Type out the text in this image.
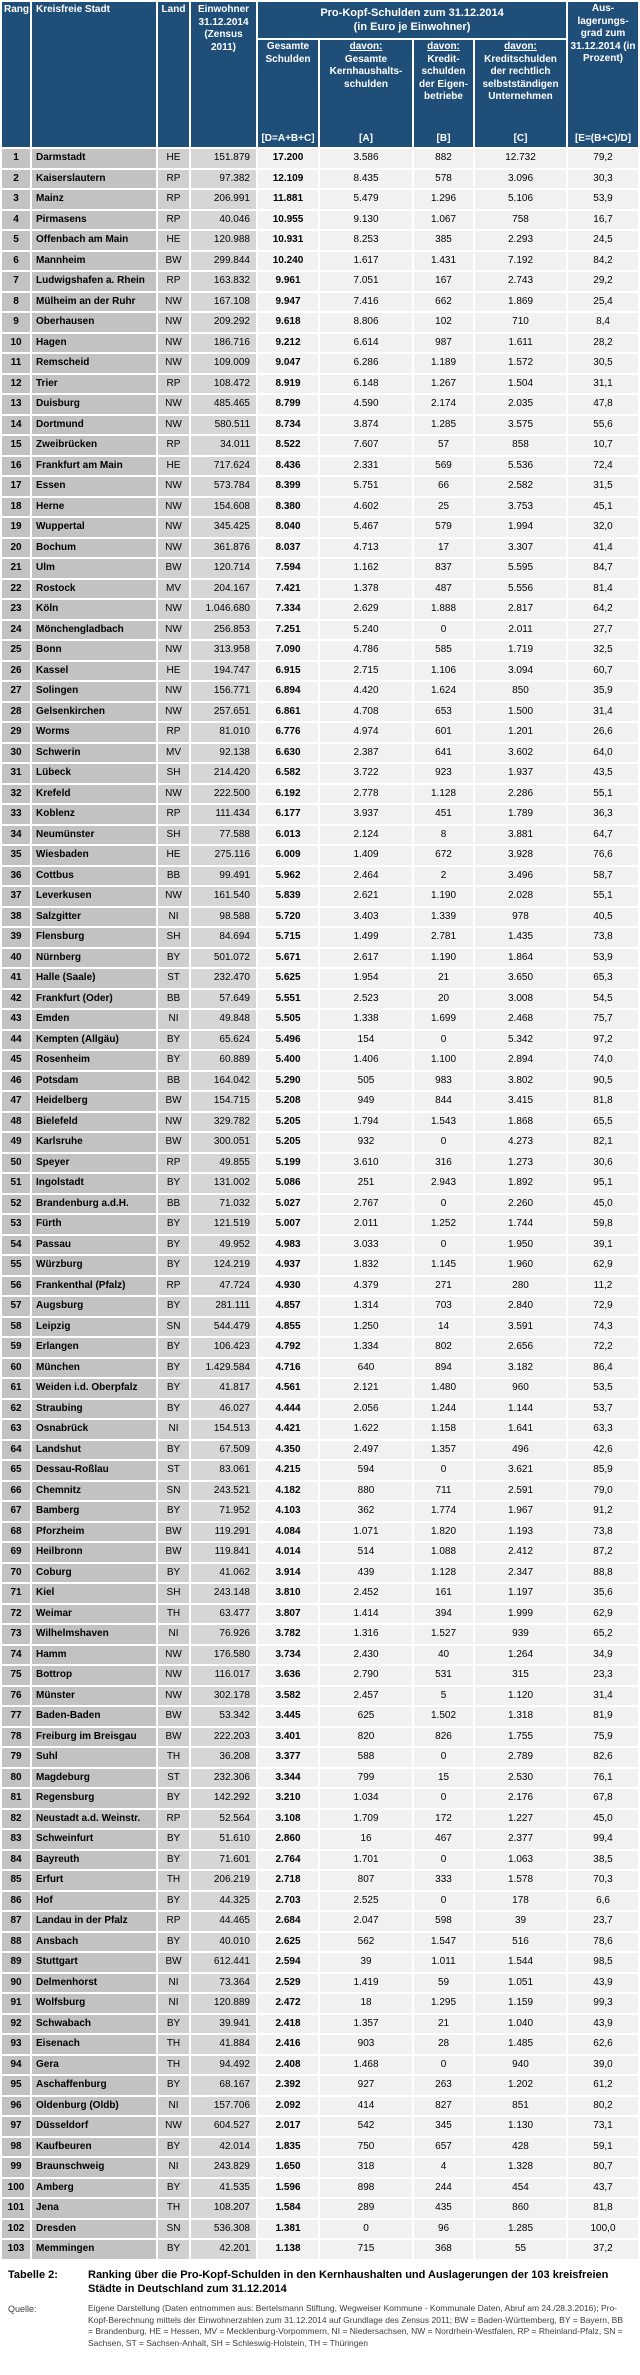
Rang	Kreisfreie Stadt	Land	Einwohner 31.12.2014 (Zensus 2011)	
Pro-Kopf-Schulden zum 31.12.2014
(in Euro je Einwohner)

Aus-lagerungs-grad zum 31.12.2014 (in Prozent)
[E=(B+C)/D]

Gesamte Schulden
[D=A+B+C]

davon:
Gesamte Kernhaushalts-schulden
[A]

davon:
Kredit-schulden der Eigen-betriebe
[B]

davon:
Kreditschulden der rechtlich selbstständigen Unternehmen
[C]

1	Darmstadt	HE	151.879	17.200	3.586	882	12.732	79,2
2	Kaiserslautern	RP	97.382	12.109	8.435	578	3.096	30,3
3	Mainz	RP	206.991	11.881	5.479	1.296	5.106	53,9
4	Pirmasens	RP	40.046	10.955	9.130	1.067	758	16,7
5	Offenbach am Main	HE	120.988	10.931	8.253	385	2.293	24,5
6	Mannheim	BW	299.844	10.240	1.617	1.431	7.192	84,2
7	Ludwigshafen a. Rhein	RP	163.832	9.961	7.051	167	2.743	29,2
8	Mülheim an der Ruhr	NW	167.108	9.947	7.416	662	1.869	25,4
9	Oberhausen	NW	209.292	9.618	8.806	102	710	8,4
10	Hagen	NW	186.716	9.212	6.614	987	1.611	28,2
11	Remscheid	NW	109.009	9.047	6.286	1.189	1.572	30,5
12	Trier	RP	108.472	8.919	6.148	1.267	1.504	31,1
13	Duisburg	NW	485.465	8.799	4.590	2.174	2.035	47,8
14	Dortmund	NW	580.511	8.734	3.874	1.285	3.575	55,6
15	Zweibrücken	RP	34.011	8.522	7.607	57	858	10,7
16	Frankfurt am Main	HE	717.624	8.436	2.331	569	5.536	72,4
17	Essen	NW	573.784	8.399	5.751	66	2.582	31,5
18	Herne	NW	154.608	8.380	4.602	25	3.753	45,1
19	Wuppertal	NW	345.425	8.040	5.467	579	1.994	32,0
20	Bochum	NW	361.876	8.037	4.713	17	3.307	41,4
21	Ulm	BW	120.714	7.594	1.162	837	5.595	84,7
22	Rostock	MV	204.167	7.421	1.378	487	5.556	81,4
23	Köln	NW	1.046.680	7.334	2.629	1.888	2.817	64,2
24	Mönchengladbach	NW	256.853	7.251	5.240	0	2.011	27,7
25	Bonn	NW	313.958	7.090	4.786	585	1.719	32,5
26	Kassel	HE	194.747	6.915	2.715	1.106	3.094	60,7
27	Solingen	NW	156.771	6.894	4.420	1.624	850	35,9
28	Gelsenkirchen	NW	257.651	6.861	4.708	653	1.500	31,4
29	Worms	RP	81.010	6.776	4.974	601	1.201	26,6
30	Schwerin	MV	92.138	6.630	2.387	641	3.602	64,0
31	Lübeck	SH	214.420	6.582	3.722	923	1.937	43,5
32	Krefeld	NW	222.500	6.192	2.778	1.128	2.286	55,1
33	Koblenz	RP	111.434	6.177	3.937	451	1.789	36,3
34	Neumünster	SH	77.588	6.013	2.124	8	3.881	64,7
35	Wiesbaden	HE	275.116	6.009	1.409	672	3.928	76,6
36	Cottbus	BB	99.491	5.962	2.464	2	3.496	58,7
37	Leverkusen	NW	161.540	5.839	2.621	1.190	2.028	55,1
38	Salzgitter	NI	98.588	5.720	3.403	1.339	978	40,5
39	Flensburg	SH	84.694	5.715	1.499	2.781	1.435	73,8
40	Nürnberg	BY	501.072	5.671	2.617	1.190	1.864	53,9
41	Halle (Saale)	ST	232.470	5.625	1.954	21	3.650	65,3
42	Frankfurt (Oder)	BB	57.649	5.551	2.523	20	3.008	54,5
43	Emden	NI	49.848	5.505	1.338	1.699	2.468	75,7
44	Kempten (Allgäu)	BY	65.624	5.496	154	0	5.342	97,2
45	Rosenheim	BY	60.889	5.400	1.406	1.100	2.894	74,0
46	Potsdam	BB	164.042	5.290	505	983	3.802	90,5
47	Heidelberg	BW	154.715	5.208	949	844	3.415	81,8
48	Bielefeld	NW	329.782	5.205	1.794	1.543	1.868	65,5
49	Karlsruhe	BW	300.051	5.205	932	0	4.273	82,1
50	Speyer	RP	49.855	5.199	3.610	316	1.273	30,6
51	Ingolstadt	BY	131.002	5.086	251	2.943	1.892	95,1
52	Brandenburg a.d.H.	BB	71.032	5.027	2.767	0	2.260	45,0
53	Fürth	BY	121.519	5.007	2.011	1.252	1.744	59,8
54	Passau	BY	49.952	4.983	3.033	0	1.950	39,1
55	Würzburg	BY	124.219	4.937	1.832	1.145	1.960	62,9
56	Frankenthal (Pfalz)	RP	47.724	4.930	4.379	271	280	11,2
57	Augsburg	BY	281.111	4.857	1.314	703	2.840	72,9
58	Leipzig	SN	544.479	4.855	1.250	14	3.591	74,3
59	Erlangen	BY	106.423	4.792	1.334	802	2.656	72,2
60	München	BY	1.429.584	4.716	640	894	3.182	86,4
61	Weiden i.d. Oberpfalz	BY	41.817	4.561	2.121	1.480	960	53,5
62	Straubing	BY	46.027	4.444	2.056	1.244	1.144	53,7
63	Osnabrück	NI	154.513	4.421	1.622	1.158	1.641	63,3
64	Landshut	BY	67.509	4.350	2.497	1.357	496	42,6
65	Dessau-Roßlau	ST	83.061	4.215	594	0	3.621	85,9
66	Chemnitz	SN	243.521	4.182	880	711	2.591	79,0
67	Bamberg	BY	71.952	4.103	362	1.774	1.967	91,2
68	Pforzheim	BW	119.291	4.084	1.071	1.820	1.193	73,8
69	Heilbronn	BW	119.841	4.014	514	1.088	2.412	87,2
70	Coburg	BY	41.062	3.914	439	1.128	2.347	88,8
71	Kiel	SH	243.148	3.810	2.452	161	1.197	35,6
72	Weimar	TH	63.477	3.807	1.414	394	1.999	62,9
73	Wilhelmshaven	NI	76.926	3.782	1.316	1.527	939	65,2
74	Hamm	NW	176.580	3.734	2.430	40	1.264	34,9
75	Bottrop	NW	116.017	3.636	2.790	531	315	23,3
76	Münster	NW	302.178	3.582	2.457	5	1.120	31,4
77	Baden-Baden	BW	53.342	3.445	625	1.502	1.318	81,9
78	Freiburg im Breisgau	BW	222.203	3.401	820	826	1.755	75,9
79	Suhl	TH	36.208	3.377	588	0	2.789	82,6
80	Magdeburg	ST	232.306	3.344	799	15	2.530	76,1
81	Regensburg	BY	142.292	3.210	1.034	0	2.176	67,8
82	Neustadt a.d. Weinstr.	RP	52.564	3.108	1.709	172	1.227	45,0
83	Schweinfurt	BY	51.610	2.860	16	467	2.377	99,4
84	Bayreuth	BY	71.601	2.764	1.701	0	1.063	38,5
85	Erfurt	TH	206.219	2.718	807	333	1.578	70,3
86	Hof	BY	44.325	2.703	2.525	0	178	6,6
87	Landau in der Pfalz	RP	44.465	2.684	2.047	598	39	23,7
88	Ansbach	BY	40.010	2.625	562	1.547	516	78,6
89	Stuttgart	BW	612.441	2.594	39	1.011	1.544	98,5
90	Delmenhorst	NI	73.364	2.529	1.419	59	1.051	43,9
91	Wolfsburg	NI	120.889	2.472	18	1.295	1.159	99,3
92	Schwabach	BY	39.941	2.418	1.357	21	1.040	43,9
93	Eisenach	TH	41.884	2.416	903	28	1.485	62,6
94	Gera	TH	94.492	2.408	1.468	0	940	39,0
95	Aschaffenburg	BY	68.167	2.392	927	263	1.202	61,2
96	Oldenburg (Oldb)	NI	157.706	2.092	414	827	851	80,2
97	Düsseldorf	NW	604.527	2.017	542	345	1.130	73,1
98	Kaufbeuren	BY	42.014	1.835	750	657	428	59,1
99	Braunschweig	NI	243.829	1.650	318	4	1.328	80,7
100	Amberg	BY	41.535	1.596	898	244	454	43,7
101	Jena	TH	108.207	1.584	289	435	860	81,8
102	Dresden	SN	536.308	1.381	0	96	1.285	100,0
103	Memmingen	BY	42.201	1.138	715	368	55	37,2
Tabelle 2:	Ranking über die Pro-Kopf-Schulden in den Kernhaushalten und Auslagerungen der 103 kreisfreien Städte in Deutschland zum 31.12.2014
Quelle:	Eigene Darstellung (Daten entnommen aus: Bertelsmann Stiftung, Wegweiser Kommune - Kommunale Daten, Abruf am 24./28.3.2016); Pro-Kopf-Berechnung mittels der Einwohnerzahlen zum 31.12.2014 auf Grundlage des Zensus 2011; BW = Baden-Württemberg, BY = Bayern, BB = Brandenburg, HE = Hessen, MV = Mecklenburg-Vorpommern, NI = Niedersachsen, NW = Nordrhein-Westfalen, RP = Rheinland-Pfalz, SN = Sachsen, ST = Sachsen-Anhalt, SH = Schleswig-Holstein, TH = Thüringen
